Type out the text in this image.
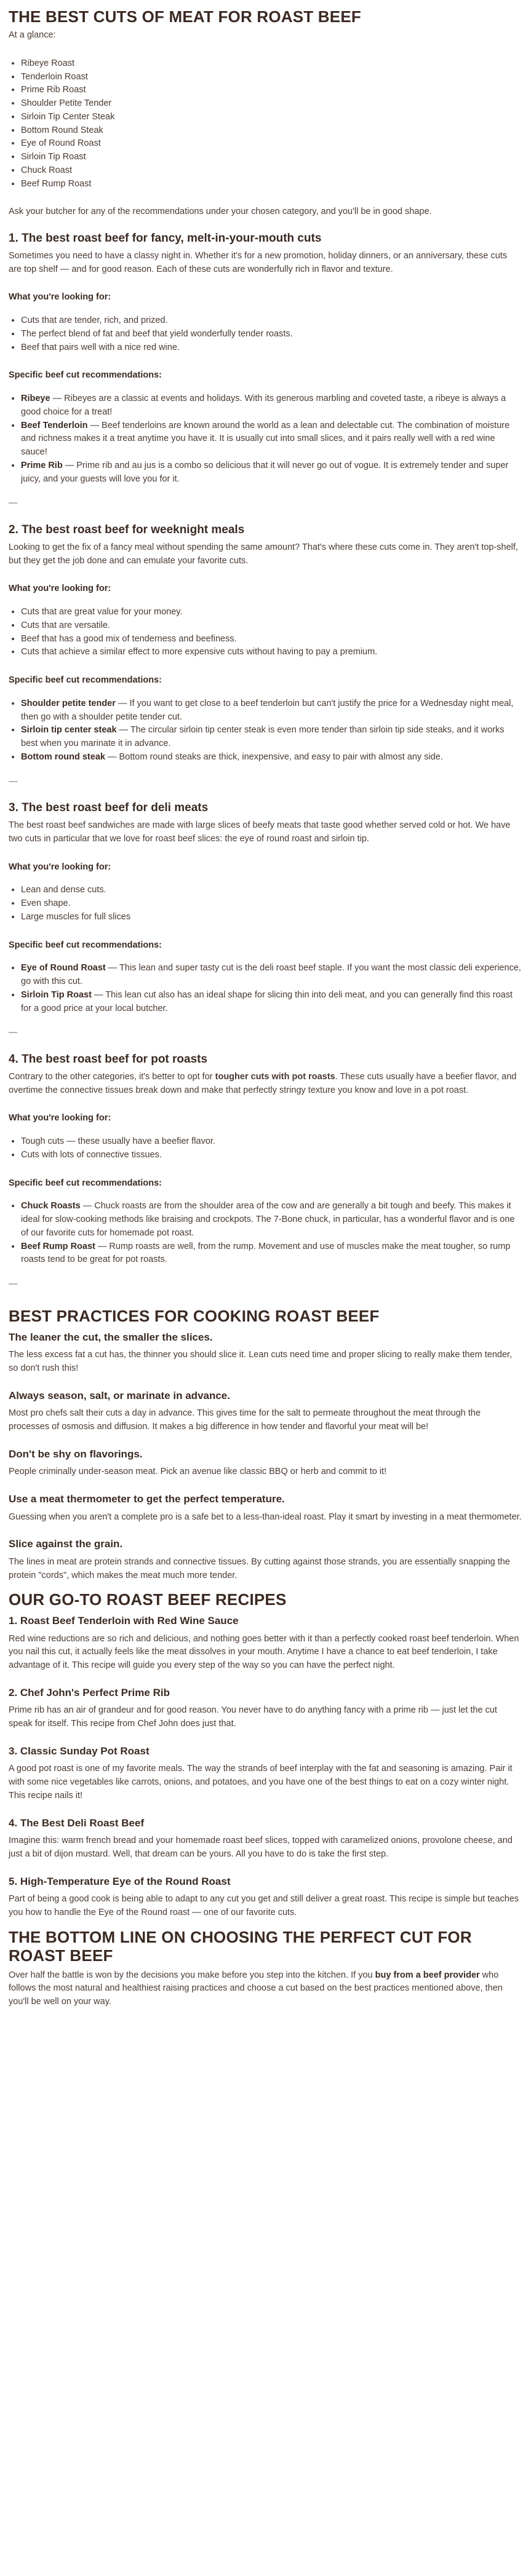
THE BEST CUTS OF MEAT FOR ROAST BEEF

At a glance:

• Ribeye Roast
• Tenderloin Roast
• Prime Rib Roast
• Shoulder Petite Tender
• Sirloin Tip Center Steak
• Bottom Round Steak
• Eye of Round Roast
• Sirloin Tip Roast
• Chuck Roast
• Beef Rump Roast

Ask your butcher for any of the recommendations under your chosen category, and you'll be in good shape.

1. The best roast beef for fancy, melt-in-your-mouth cuts

Sometimes you need to have a classy night in. Whether it's for a new promotion, holiday dinners, or an anniversary, these cuts are top shelf — and for good reason. Each of these cuts are wonderfully rich in flavor and texture.

What you're looking for:
• Cuts that are tender, rich, and prized.
• The perfect blend of fat and beef that yield wonderfully tender roasts.
• Beef that pairs well with a nice red wine.
Specific beef cut recommendations:
• Ribeye — Ribeyes are a classic at events and holidays. With its generous marbling and coveted taste, a ribeye is always a good choice for a treat!
• Beef Tenderloin — Beef tenderloins are known around the world as a lean and delectable cut. The combination of moisture and richness makes it a treat anytime you have it. It is usually cut into small slices, and it pairs really well with a red wine sauce!
• Prime Rib — Prime rib and au jus is a combo so delicious that it will never go out of vogue. It is extremely tender and super juicy, and your guests will love you for it.
—
2. The best roast beef for weeknight meals

Looking to get the fix of a fancy meal without spending the same amount? That's where these cuts come in. They aren't top-shelf, but they get the job done and can emulate your favorite cuts.

What you're looking for:
• Cuts that are great value for your money.
• Cuts that are versatile.
• Beef that has a good mix of tenderness and beefiness.
• Cuts that achieve a similar effect to more expensive cuts without having to pay a premium.
Specific beef cut recommendations:
• Shoulder petite tender — If you want to get close to a beef tenderloin but can't justify the price for a Wednesday night meal, then go with a shoulder petite tender cut.
• Sirloin tip center steak — The circular sirloin tip center steak is even more tender than sirloin tip side steaks, and it works best when you marinate it in advance.
• Bottom round steak — Bottom round steaks are thick, inexpensive, and easy to pair with almost any side.
—
3. The best roast beef for deli meats

The best roast beef sandwiches are made with large slices of beefy meats that taste good whether served cold or hot. We have two cuts in particular that we love for roast beef slices: the eye of round roast and sirloin tip.

What you're looking for:
• Lean and dense cuts.
• Even shape.
• Large muscles for full slices
Specific beef cut recommendations:
• Eye of Round Roast — This lean and super tasty cut is the deli roast beef staple. If you want the most classic deli experience, go with this cut.
• Sirloin Tip Roast — This lean cut also has an ideal shape for slicing thin into deli meat, and you can generally find this roast for a good price at your local butcher.
—
4. The best roast beef for pot roasts

Contrary to the other categories, it's better to opt for tougher cuts with pot roasts. These cuts usually have a beefier flavor, and overtime the connective tissues break down and make that perfectly stringy texture you know and love in a pot roast.

What you're looking for:
• Tough cuts — these usually have a beefier flavor.
• Cuts with lots of connective tissues.
Specific beef cut recommendations:
• Chuck Roasts — Chuck roasts are from the shoulder area of the cow and are generally a bit tough and beefy. This makes it ideal for slow-cooking methods like braising and crockpots. The 7-Bone chuck, in particular, has a wonderful flavor and is one of our favorite cuts for homemade pot roast.
• Beef Rump Roast — Rump roasts are well, from the rump. Movement and use of muscles make the meat tougher, so rump roasts tend to be great for pot roasts.
—
BEST PRACTICES FOR COOKING ROAST BEEF
The leaner the cut, the smaller the slices.

The less excess fat a cut has, the thinner you should slice it. Lean cuts need time and proper slicing to really make them tender, so don't rush this!

Always season, salt, or marinate in advance.

Most pro chefs salt their cuts a day in advance. This gives time for the salt to permeate throughout the meat through the processes of osmosis and diffusion. It makes a big difference in how tender and flavorful your meat will be!

Don't be shy on flavorings.

People criminally under-season meat. Pick an avenue like classic BBQ or herb and commit to it!

Use a meat thermometer to get the perfect temperature.

Guessing when you aren't a complete pro is a safe bet to a less-than-ideal roast. Play it smart by investing in a meat thermometer.

Slice against the grain.

The lines in meat are protein strands and connective tissues. By cutting against those strands, you are essentially snapping the protein "cords", which makes the meat much more tender.

OUR GO-TO ROAST BEEF RECIPES
1. Roast Beef Tenderloin with Red Wine Sauce

Red wine reductions are so rich and delicious, and nothing goes better with it than a perfectly cooked roast beef tenderloin. When you nail this cut, it actually feels like the meat dissolves in your mouth. Anytime I have a chance to eat beef tenderloin, I take advantage of it. This recipe will guide you every step of the way so you can have the perfect night.

2. Chef John's Perfect Prime Rib

Prime rib has an air of grandeur and for good reason. You never have to do anything fancy with a prime rib — just let the cut speak for itself. This recipe from Chef John does just that.

3. Classic Sunday Pot Roast

A good pot roast is one of my favorite meals. The way the strands of beef interplay with the fat and seasoning is amazing. Pair it with some nice vegetables like carrots, onions, and potatoes, and you have one of the best things to eat on a cozy winter night. This recipe nails it!

4. The Best Deli Roast Beef

Imagine this: warm french bread and your homemade roast beef slices, topped with caramelized onions, provolone cheese, and just a bit of dijon mustard. Well, that dream can be yours. All you have to do is take the first step.

5. High-Temperature Eye of the Round Roast

Part of being a good cook is being able to adapt to any cut you get and still deliver a great roast. This recipe is simple but teaches you how to handle the Eye of the Round roast — one of our favorite cuts.

THE BOTTOM LINE ON CHOOSING THE PERFECT CUT FOR ROAST BEEF

Over half the battle is won by the decisions you make before you step into the kitchen. If you buy from a beef provider who follows the most natural and healthiest raising practices and choose a cut based on the best practices mentioned above, then you'll be well on your way.
